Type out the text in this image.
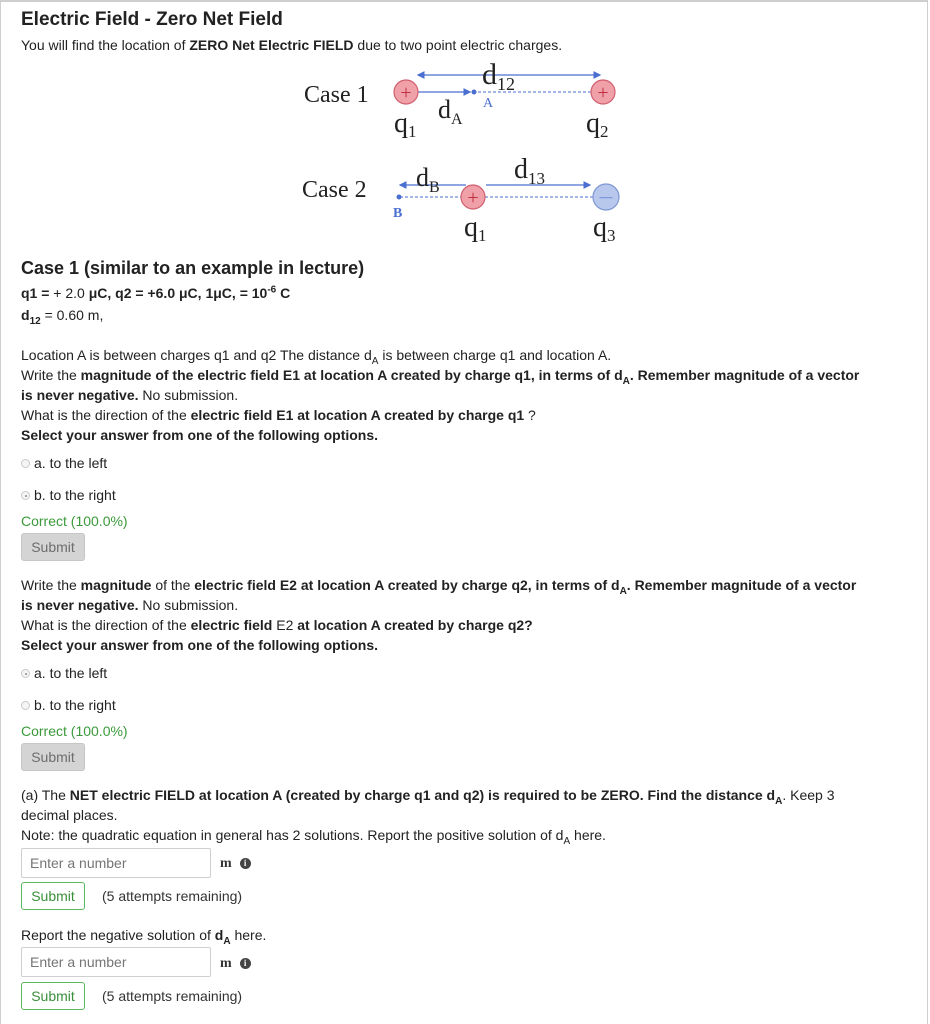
Electric Field - Zero Net Field
You will find the location of ZERO Net Electric FIELD due to two point electric charges.
Case 1 +	+
A
$d_{12}$
$d_A$
q1	q2
Case 2
B
+	—
$d_B$
$d_{13}$
q1	q3
Case 1 (similar to an example in lecture)
q1 = + 2.0 μC, q2 = +6.0 μC, 1μC, = $10^{-6}$ C
$d_{12} = 0.60$ m,
Location A is between charges q1 and q2 The distance $d_A$ is between charge q1 and location A.
Write the magnitude of the electric field E1 at location A created by charge q1, in terms of $d_A$. Remember magnitude of a vector
is never negative. No submission.
What is the direction of the electric field E1 at location A created by charge q1 ?
Select your answer from one of the following options.
a. to the left
b. to the right
Correct (100.0%)
Submit
Write the magnitude of the electric field E2 at location A created by charge q2, in terms of $d_A$. Remember magnitude of a vector
is never negative. No submission.
What is the direction of the electric field E2 at location A created by charge q2?
Select your answer from one of the following options.
a. to the left
b. to the right
Correct (100.0%)
Submit
(a) The NET electric FIELD at location A (created by charge q1 and q2) is required to be ZERO. Find the distance $d_A$. Keep 3
decimal places.
Note: the quadratic equation in general has 2 solutions. Report the positive solution of $d_A$ here.
Enter a number
m i
Submit	(5 attempts remaining)
Report the negative solution of $d_A$ here.
Enter a number
m i
Submit	(5 attempts remaining)
